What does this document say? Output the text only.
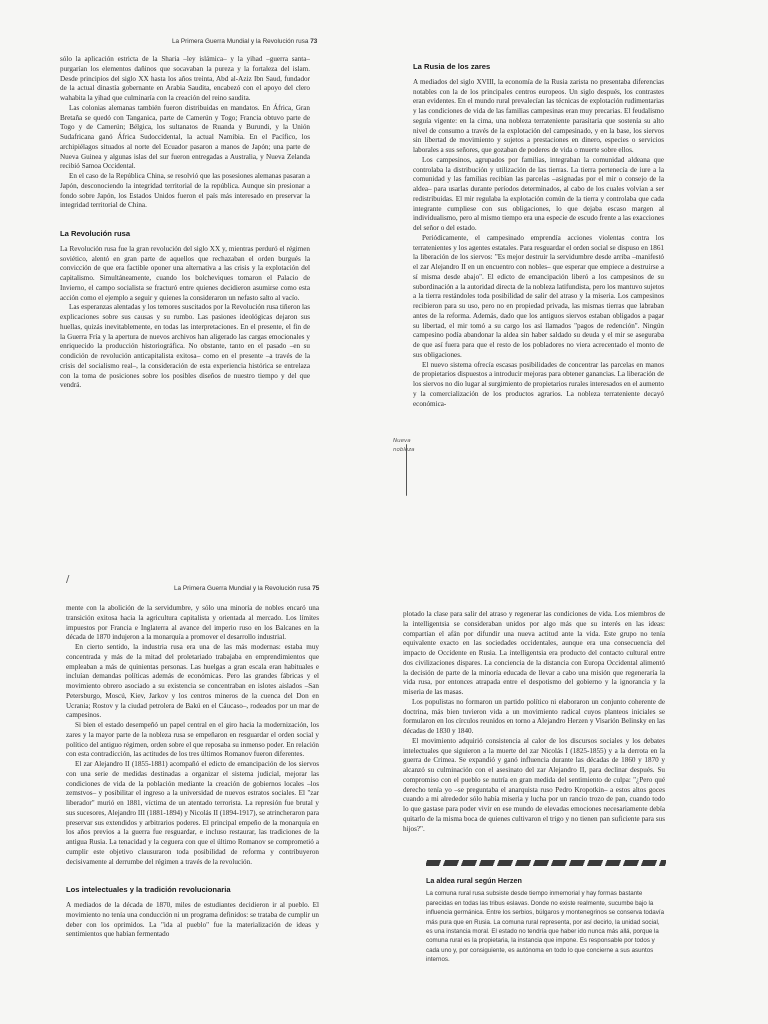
La Primera Guerra Mundial y la Revolución rusa 73

sólo la aplicación estricta de la Sharia –ley islámica– y la yihad –guerra santa– purgarían los elementos dañinos que socavaban la pureza y la fortaleza del islam. Desde principios del siglo XX hasta los años treinta, Abd al-Aziz Ibn Saud, fundador de la actual dinastía gobernante en Arabia Saudita, encabezó con el apoyo del clero wahabita la yihad que culminaría con la creación del reino saudita.

Las colonias alemanas también fueron distribuidas en mandatos. En África, Gran Bretaña se quedó con Tanganica, parte de Camerún y Togo; Francia obtuvo parte de Togo y de Camerún; Bélgica, los sultanatos de Ruanda y Burundi, y la Unión Sudafricana ganó África Sudoccidental, la actual Namibia. En el Pacífico, los archipiélagos situados al norte del Ecuador pasaron a manos de Japón; una parte de Nueva Guinea y algunas islas del sur fueron entregadas a Australia, y Nueva Zelanda recibió Samoa Occidental.

En el caso de la República China, se resolvió que las posesiones alemanas pasaran a Japón, desconociendo la integridad territorial de la república. Aunque sin presionar a fondo sobre Japón, los Estados Unidos fueron el país más interesado en preservar la integridad territorial de China.

La Revolución rusa

La Revolución rusa fue la gran revolución del siglo XX y, mientras perduró el régimen soviético, alentó en gran parte de aquellos que rechazaban el orden burgués la convicción de que era factible oponer una alternativa a las crisis y la explotación del capitalismo. Simultáneamente, cuando los bolcheviques tomaron el Palacio de Invierno, el campo socialista se fracturó entre quienes decidieron asumirse como esta acción como el ejemplo a seguir y quienes la consideraron un nefasto salto al vacío.

Las esperanzas alentadas y los temores suscitados por la Revolución rusa tiñeron las explicaciones sobre sus causas y su rumbo. Las pasiones ideológicas dejaron sus huellas, quizás inevitablemente, en todas las interpretaciones. En el presente, el fin de la Guerra Fría y la apertura de nuevos archivos han aligerado las cargas emocionales y enriquecido la producción historiográfica. No obstante, tanto en el pasado –en su condición de revolución anticapitalista exitosa– como en el presente –a través de la crisis del socialismo real–, la consideración de esta experiencia histórica se entrelaza con la toma de posiciones sobre los posibles diseños de nuestro tiempo y del que vendrá.

La Rusia de los zares

A mediados del siglo XVIII, la economía de la Rusia zarista no presentaba diferencias notables con la de los principales centros europeos. Un siglo después, los contrastes eran evidentes. En el mundo rural prevalecían las técnicas de explotación rudimentarias y las condiciones de vida de las familias campesinas eran muy precarias. El feudalismo seguía vigente: en la cima, una nobleza terrateniente parasitaria que sostenía su alto nivel de consumo a través de la explotación del campesinado, y en la base, los siervos sin libertad de movimiento y sujetos a prestaciones en dinero, especies o servicios laborales a sus señores, que gozaban de poderes de vida o muerte sobre ellos.

Los campesinos, agrupados por familias, integraban la comunidad aldeana que controlaba la distribución y utilización de las tierras. La tierra pertenecía de iure a la comunidad y las familias recibían las parcelas –asignadas por el mir o consejo de la aldea– para usarlas durante períodos determinados, al cabo de los cuales volvían a ser redistribuidas. El mir regulaba la explotación común de la tierra y controlaba que cada integrante cumpliese con sus obligaciones, lo que dejaba escaso margen al individualismo, pero al mismo tiempo era una especie de escudo frente a las exacciones del señor o del estado.

Periódicamente, el campesinado emprendía acciones violentas contra los terratenientes y los agentes estatales. Para resguardar el orden social se dispuso en 1861 la liberación de los siervos: "Es mejor destruir la servidumbre desde arriba –manifestó el zar Alejandro II en un encuentro con nobles– que esperar que empiece a destruirse a sí misma desde abajo". El edicto de emancipación liberó a los campesinos de su subordinación a la autoridad directa de la nobleza latifundista, pero los mantuvo sujetos a la tierra restándoles toda posibilidad de salir del atraso y la miseria. Los campesinos recibieron para su uso, pero no en propiedad privada, las mismas tierras que labraban antes de la reforma. Además, dado que los antiguos siervos estaban obligados a pagar su libertad, el mir tomó a su cargo los así llamados "pagos de redención". Ningún campesino podía abandonar la aldea sin haber saldado su deuda y el mir se aseguraba de que así fuera para que el resto de los pobladores no viera acrecentado el monto de sus obligaciones.

El nuevo sistema ofrecía escasas posibilidades de concentrar las parcelas en manos de propietarios dispuestos a introducir mejoras para obtener ganancias. La liberación de los siervos no dio lugar al surgimiento de propietarios rurales interesados en el aumento y la comercialización de los productos agrarios. La nobleza terrateniente decayó económica-

Nueva nobleza
/
La Primera Guerra Mundial y la Revolución rusa 75

mente con la abolición de la servidumbre, y sólo una minoría de nobles encaró una transición exitosa hacia la agricultura capitalista y orientada al mercado. Los límites impuestos por Francia e Inglaterra al avance del imperio ruso en los Balcanes en la década de 1870 indujeron a la monarquía a promover el desarrollo industrial.

En cierto sentido, la industria rusa era una de las más modernas: estaba muy concentrada y más de la mitad del proletariado trabajaba en emprendimientos que empleaban a más de quinientas personas. Las huelgas a gran escala eran habituales e incluían demandas políticas además de económicas. Pero las grandes fábricas y el movimiento obrero asociado a su existencia se concentraban en islotes aislados –San Petersburgo, Moscú, Kiev, Jarkov y los centros mineros de la cuenca del Don en Ucrania; Rostov y la ciudad petrolera de Bakú en el Cáucaso–, rodeados por un mar de campesinos.

Si bien el estado desempeñó un papel central en el giro hacia la modernización, los zares y la mayor parte de la nobleza rusa se empeñaron en resguardar el orden social y político del antiguo régimen, orden sobre el que reposaba su inmenso poder. En relación con esta contradicción, las actitudes de los tres últimos Romanov fueron diferentes.

El zar Alejandro II (1855-1881) acompañó el edicto de emancipación de los siervos con una serie de medidas destinadas a organizar el sistema judicial, mejorar las condiciones de vida de la población mediante la creación de gobiernos locales –los zemstvos– y posibilitar el ingreso a la universidad de nuevos estratos sociales. El "zar liberador" murió en 1881, víctima de un atentado terrorista. La represión fue brutal y sus sucesores, Alejandro III (1881-1894) y Nicolás II (1894-1917), se atrincheraron para preservar sus extendidos y arbitrarios poderes. El principal empeño de la monarquía en los años previos a la guerra fue resguardar, e incluso restaurar, las tradiciones de la antigua Rusia. La tenacidad y la ceguera con que el último Romanov se comprometió a cumplir este objetivo clausuraron toda posibilidad de reforma y contribuyeron decisivamente al derrumbe del régimen a través de la revolución.

Los intelectuales y la tradición revolucionaria

A mediados de la década de 1870, miles de estudiantes decidieron ir al pueblo. El movimiento no tenía una conducción ni un programa definidos: se trataba de cumplir un deber con los oprimidos. La "ida al pueblo" fue la materialización de ideas y sentimientos que habían fermentado

plotado la clase para salir del atraso y regenerar las condiciones de vida. Los miembros de la intelligentsia se consideraban unidos por algo más que su interés en las ideas: compartían el afán por difundir una nueva actitud ante la vida. Este grupo no tenía equivalente exacto en las sociedades occidentales, aunque era una consecuencia del impacto de Occidente en Rusia. La intelligentsia era producto del contacto cultural entre dos civilizaciones dispares. La conciencia de la distancia con Europa Occidental alimentó la decisión de parte de la minoría educada de llevar a cabo una misión que regeneraría la vida rusa, por entonces atrapada entre el despotismo del gobierno y la ignorancia y la miseria de las masas.

Los populistas no formaron un partido político ni elaboraron un conjunto coherente de doctrina, más bien tuvieron vida a un movimiento radical cuyos planteos iniciales se formularon en los círculos reunidos en torno a Alejandro Herzen y Visarión Belinsky en las décadas de 1830 y 1840.

El movimiento adquirió consistencia al calor de los discursos sociales y los debates intelectuales que siguieron a la muerte del zar Nicolás I (1825-1855) y a la derrota en la guerra de Crimea. Se expandió y ganó influencia durante las décadas de 1860 y 1870 y alcanzó su culminación con el asesinato del zar Alejandro II, para declinar después. Su compromiso con el pueblo se nutría en gran medida del sentimiento de culpa: "¿Pero qué derecho tenía yo –se preguntaba el anarquista ruso Pedro Kropotkin– a estos altos goces cuando a mi alrededor sólo había miseria y lucha por un rancio trozo de pan, cuando todo lo que gastase para poder vivir en ese mundo de elevadas emociones necesariamente debía quitarlo de la misma boca de quienes cultivaron el trigo y no tienen pan suficiente para sus hijos?".

La aldea rural según Herzen

La comuna rural rusa subsiste desde tiempo inmemorial y hay formas bastante parecidas en todas las tribus eslavas. Donde no existe realmente, sucumbe bajo la influencia germánica. Entre los serbios, búlgaros y montenegrinos se conserva todavía más pura que en Rusia. La comuna rural representa, por así decirlo, la unidad social, es una instancia moral. El estado no tendría que haber ido nunca más allá, porque la comuna rural es la propietaria, la instancia que impone. Es responsable por todos y cada uno y, por consiguiente, es autónoma en todo lo que concierne a sus asuntos internos.
